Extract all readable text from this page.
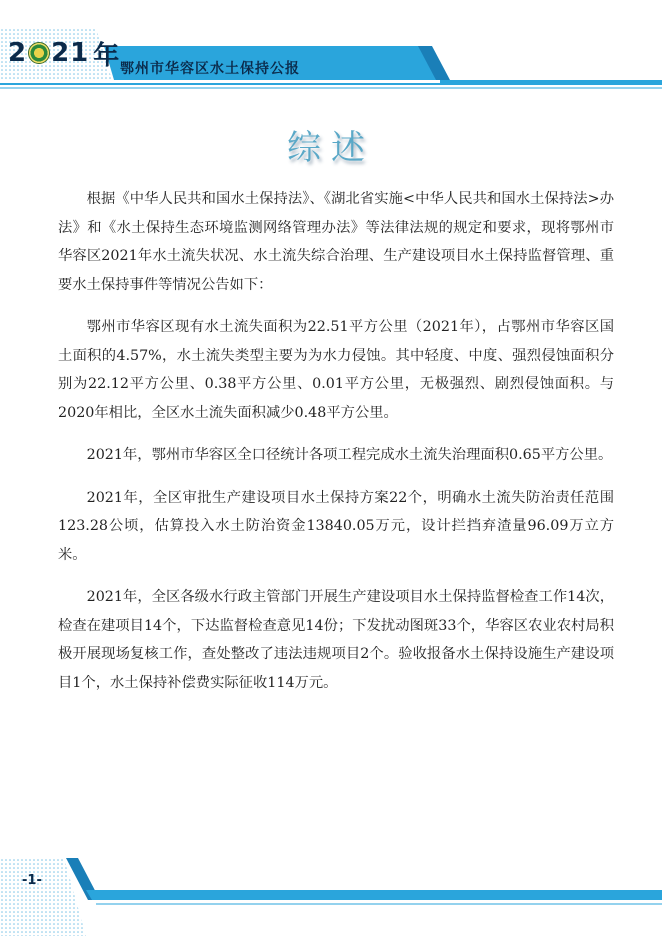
2 21 年 鄂州市华容区水土保持公报
综述

根据《中华人民共和国水土保持法》、《湖北省实施<中华人民共和国水土保持法>办法》和《水土保持生态环境监测网络管理办法》等法律法规的规定和要求，现将鄂州市华容区2021年水土流失状况、水土流失综合治理、生产建设项目水土保持监督管理、重要水土保持事件等情况公告如下：

鄂州市华容区现有水土流失面积为22.51平方公里（2021年），占鄂州市华容区国土面积的4.57%，水土流失类型主要为为水力侵蚀。其中轻度、中度、强烈侵蚀面积分别为22.12平方公里、0.38平方公里、0.01平方公里，无极强烈、剧烈侵蚀面积。与2020年相比，全区水土流失面积减少0.48平方公里。

2021年，鄂州市华容区全口径统计各项工程完成水土流失治理面积0.65平方公里。

2021年，全区审批生产建设项目水土保持方案22个，明确水土流失防治责任范围123.28公顷，估算投入水土防治资金13840.05万元，设计拦挡弃渣量96.09万立方米。

2021年，全区各级水行政主管部门开展生产建设项目水土保持监督检查工作14次，检查在建项目14个，下达监督检查意见14份；下发扰动图斑33个，华容区农业农村局积极开展现场复核工作，查处整改了违法违规项目2个。验收报备水土保持设施生产建设项目1个，水土保持补偿费实际征收114万元。

-1-
